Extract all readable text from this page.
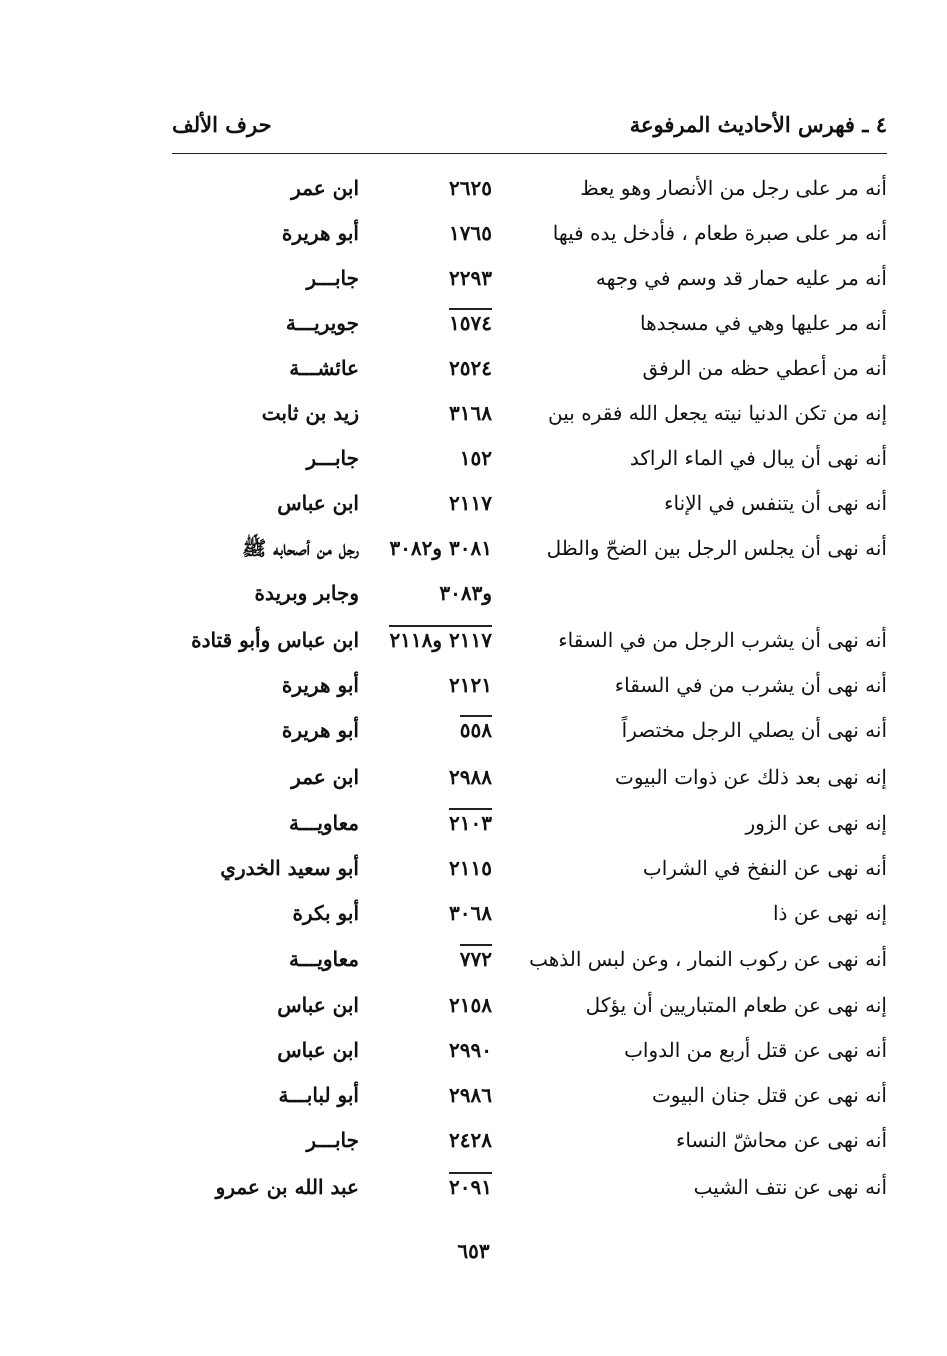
٤ ـ فهرس الأحاديث المرفوعة
حرف الألف
أنه مر على رجل من الأنصار وهو يعظ
٢٦٢٥
ابن عمر
أنه مر على صبرة طعام ، فأدخل يده فيها
١٧٦٥
أبو هريرة
أنه مر عليه حمار قد وسم في وجهه
٢٢٩٣
جابـــر
أنه مر عليها وهي في مسجدها
١٥٧٤
جويريـــة
أنه من أعطي حظه من الرفق
٢٥٢٤
عائشـــة
إنه من تكن الدنيا نيته يجعل الله فقره بين
٣١٦٨
زيد بن ثابت
أنه نهى أن يبال في الماء الراكد
١٥٢
جابـــر
أنه نهى أن يتنفس في الإناء
٢١١٧
ابن عباس
أنه نهى أن يجلس الرجل بين الضحّ والظل
٣٠٨١ و٣٠٨٢
رجل من أصحابه ﷺ
و٣٠٨٣
وجابر وبريدة
أنه نهى أن يشرب الرجل من في السقاء
٢١١٧ و٢١١٨
ابن عباس وأبو قتادة
أنه نهى أن يشرب من في السقاء
٢١٢١
أبو هريرة
أنه نهى أن يصلي الرجل مختصراً
٥٥٨
أبو هريرة
إنه نهى بعد ذلك عن ذوات البيوت
٢٩٨٨
ابن عمر
إنه نهى عن الزور
٢١٠٣
معاويـــة
أنه نهى عن النفخ في الشراب
٢١١٥
أبو سعيد الخدري
إنه نهى عن ذا
٣٠٦٨
أبو بكرة
أنه نهى عن ركوب النمار ، وعن لبس الذهب
٧٧٢
معاويـــة
إنه نهى عن طعام المتباريين أن يؤكل
٢١٥٨
ابن عباس
أنه نهى عن قتل أربع من الدواب
٢٩٩٠
ابن عباس
أنه نهى عن قتل جنان البيوت
٢٩٨٦
أبو لبابـــة
أنه نهى عن محاشّ النساء
٢٤٢٨
جابـــر
أنه نهى عن نتف الشيب
٢٠٩١
عبد الله بن عمرو
٦٥٣
